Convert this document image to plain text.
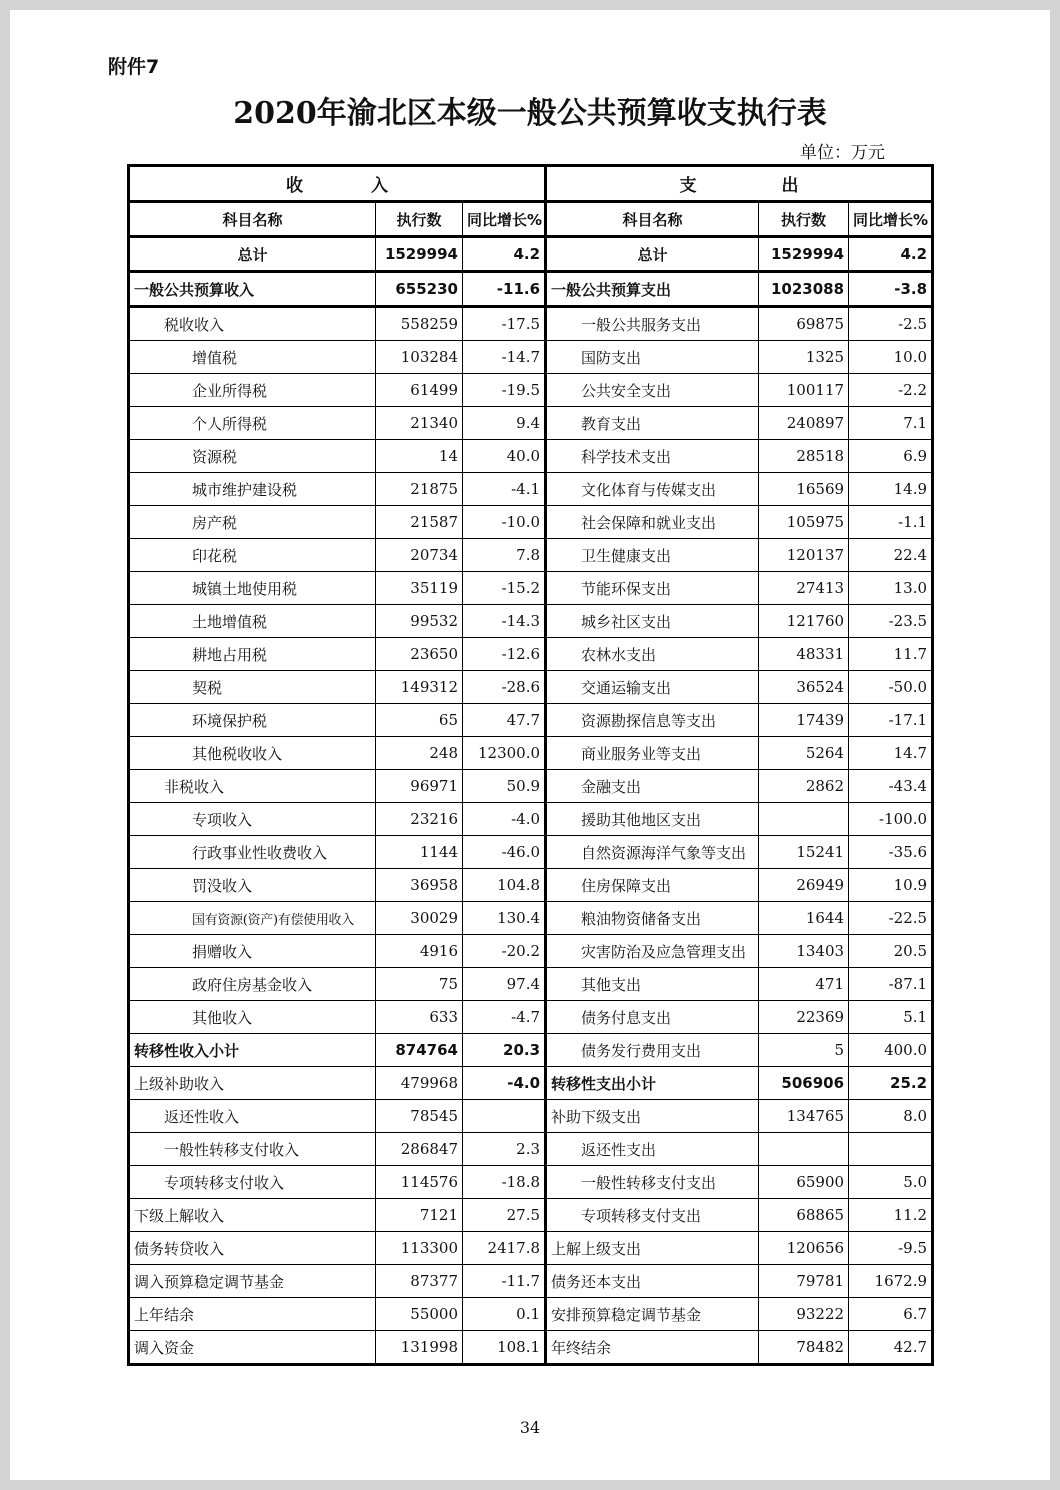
附件7
2020年渝北区本级一般公共预算收支执行表
单位：万元
收　　　　入			支　　　　　出		
科目名称	执行数	同比增长%	科目名称	执行数	同比增长%
总计	1529994	4.2	总计	1529994	4.2
一般公共预算收入	655230	-11.6	一般公共预算支出	1023088	-3.8
税收收入	558259	-17.5	一般公共服务支出	69875	-2.5
增值税	103284	-14.7	国防支出	1325	10.0
企业所得税	61499	-19.5	公共安全支出	100117	-2.2
个人所得税	21340	9.4	教育支出	240897	7.1
资源税	14	40.0	科学技术支出	28518	6.9
城市维护建设税	21875	-4.1	文化体育与传媒支出	16569	14.9
房产税	21587	-10.0	社会保障和就业支出	105975	-1.1
印花税	20734	7.8	卫生健康支出	120137	22.4
城镇土地使用税	35119	-15.2	节能环保支出	27413	13.0
土地增值税	99532	-14.3	城乡社区支出	121760	-23.5
耕地占用税	23650	-12.6	农林水支出	48331	11.7
契税	149312	-28.6	交通运输支出	36524	-50.0
环境保护税	65	47.7	资源勘探信息等支出	17439	-17.1
其他税收收入	248	12300.0	商业服务业等支出	5264	14.7
非税收入	96971	50.9	金融支出	2862	-43.4
专项收入	23216	-4.0	援助其他地区支出		-100.0
行政事业性收费收入	1144	-46.0	自然资源海洋气象等支出	15241	-35.6
罚没收入	36958	104.8	住房保障支出	26949	10.9
国有资源(资产)有偿使用收入	30029	130.4	粮油物资储备支出	1644	-22.5
捐赠收入	4916	-20.2	灾害防治及应急管理支出	13403	20.5
政府住房基金收入	75	97.4	其他支出	471	-87.1
其他收入	633	-4.7	债务付息支出	22369	5.1
转移性收入小计	874764	20.3	债务发行费用支出	5	400.0
上级补助收入	479968	-4.0	转移性支出小计	506906	25.2
返还性收入	78545		补助下级支出	134765	8.0
一般性转移支付收入	286847	2.3	返还性支出		
专项转移支付收入	114576	-18.8	一般性转移支付支出	65900	5.0
下级上解收入	7121	27.5	专项转移支付支出	68865	11.2
债务转贷收入	113300	2417.8	上解上级支出	120656	-9.5
调入预算稳定调节基金	87377	-11.7	债务还本支出	79781	1672.9
上年结余	55000	0.1	安排预算稳定调节基金	93222	6.7
调入资金	131998	108.1	年终结余	78482	42.7
34
